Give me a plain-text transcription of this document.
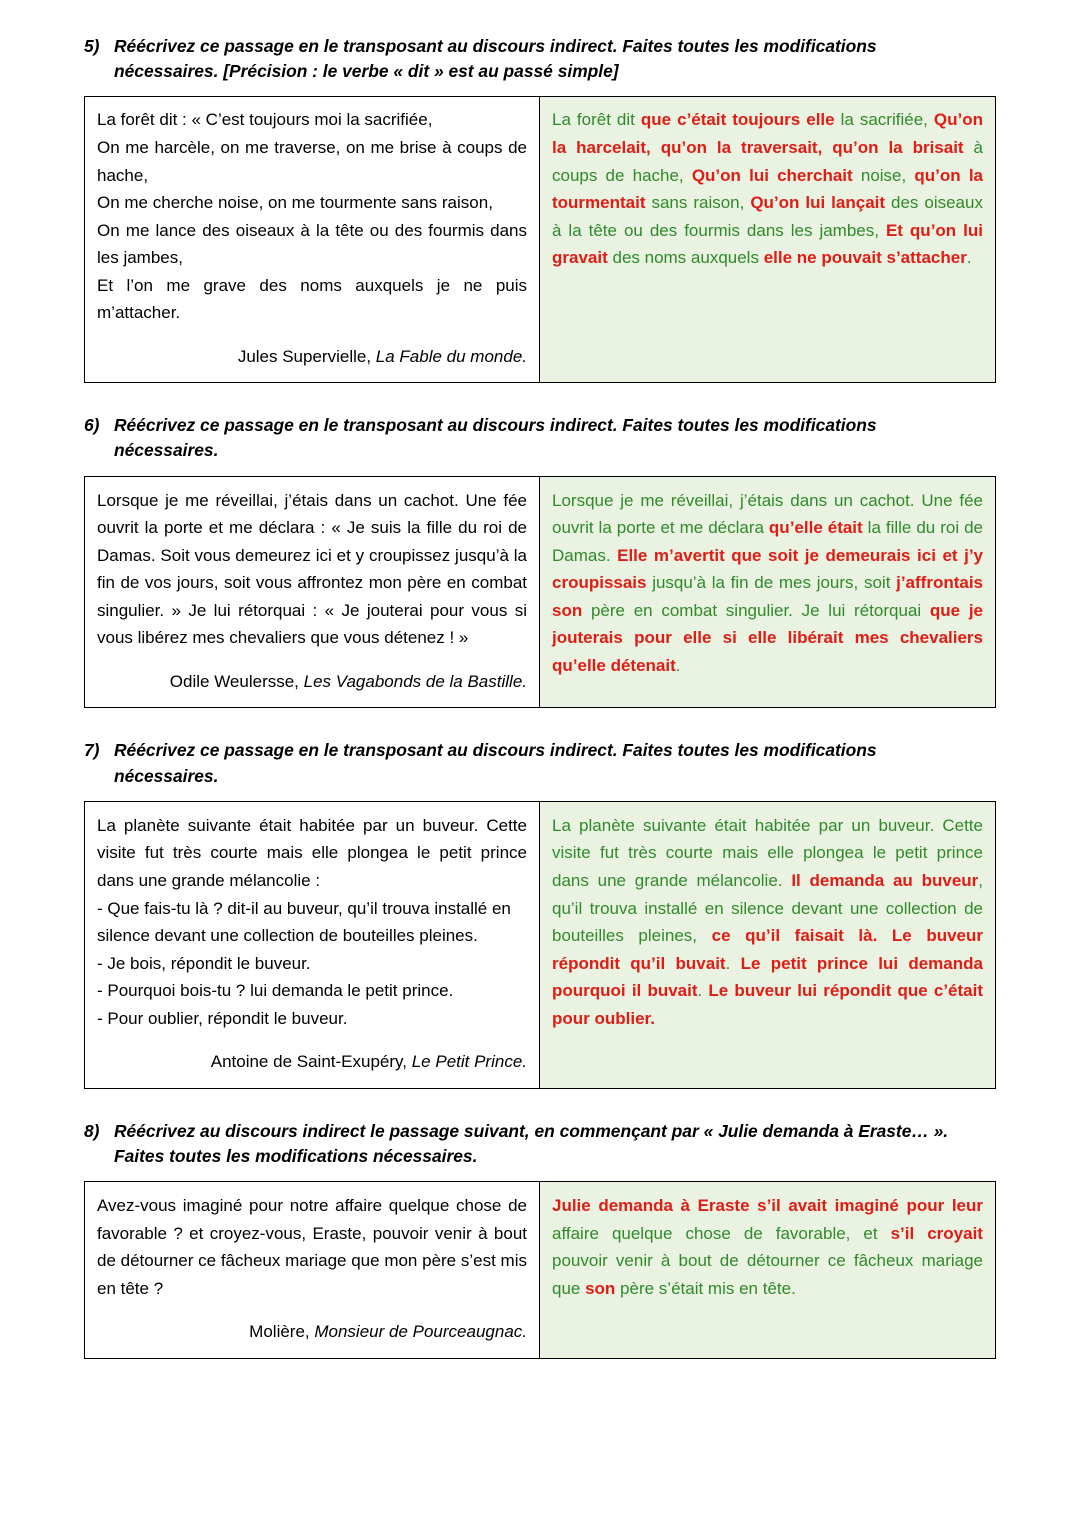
5) Réécrivez ce passage en le transposant au discours indirect. Faites toutes les modifications nécessaires. [Précision : le verbe « dit » est au passé simple]

La forêt dit : « C’est toujours moi la sacrifiée,

On me harcèle, on me traverse, on me brise à coups de hache,

On me cherche noise, on me tourmente sans raison,

On me lance des oiseaux à la tête ou des fourmis dans les jambes,

Et l’on me grave des noms auxquels je ne puis m’attacher.

Jules Supervielle, La Fable du monde.

La forêt dit que c’était toujours elle la sacrifiée, Qu’on la harcelait, qu’on la traversait, qu’on la brisait à coups de hache, Qu’on lui cherchait noise, qu’on la tourmentait sans raison, Qu’on lui lançait des oiseaux à la tête ou des fourmis dans les jambes, Et qu’on lui gravait des noms auxquels elle ne pouvait s’attacher.

6) Réécrivez ce passage en le transposant au discours indirect. Faites toutes les modifications nécessaires.

Lorsque je me réveillai, j’étais dans un cachot. Une fée ouvrit la porte et me déclara : « Je suis la fille du roi de Damas. Soit vous demeurez ici et y croupissez jusqu’à la fin de vos jours, soit vous affrontez mon père en combat singulier. » Je lui rétorquai : « Je jouterai pour vous si vous libérez mes chevaliers que vous détenez ! »

Odile Weulersse, Les Vagabonds de la Bastille.

Lorsque je me réveillai, j’étais dans un cachot. Une fée ouvrit la porte et me déclara qu’elle était la fille du roi de Damas. Elle m’avertit que soit je demeurais ici et j’y croupissais jusqu’à la fin de mes jours, soit j’affrontais son père en combat singulier. Je lui rétorquai que je jouterais pour elle si elle libérait mes chevaliers qu’elle détenait.

7) Réécrivez ce passage en le transposant au discours indirect. Faites toutes les modifications nécessaires.

La planète suivante était habitée par un buveur. Cette visite fut très courte mais elle plongea le petit prince dans une grande mélancolie :

- Que fais-tu là ? dit-il au buveur, qu’il trouva installé en silence devant une collection de bouteilles pleines.

- Je bois, répondit le buveur.

- Pourquoi bois-tu ? lui demanda le petit prince.

- Pour oublier, répondit le buveur.

Antoine de Saint-Exupéry, Le Petit Prince.

La planète suivante était habitée par un buveur. Cette visite fut très courte mais elle plongea le petit prince dans une grande mélancolie. Il demanda au buveur, qu’il trouva installé en silence devant une collection de bouteilles pleines, ce qu’il faisait là. Le buveur répondit qu’il buvait. Le petit prince lui demanda pourquoi il buvait. Le buveur lui répondit que c’était pour oublier.

8) Réécrivez au discours indirect le passage suivant, en commençant par « Julie demanda à Eraste… ». Faites toutes les modifications nécessaires.

Avez-vous imaginé pour notre affaire quelque chose de favorable ? et croyez-vous, Eraste, pouvoir venir à bout de détourner ce fâcheux mariage que mon père s’est mis en tête ?

Molière, Monsieur de Pourceaugnac.

Julie demanda à Eraste s’il avait imaginé pour leur affaire quelque chose de favorable, et s’il croyait pouvoir venir à bout de détourner ce fâcheux mariage que son père s’était mis en tête.
